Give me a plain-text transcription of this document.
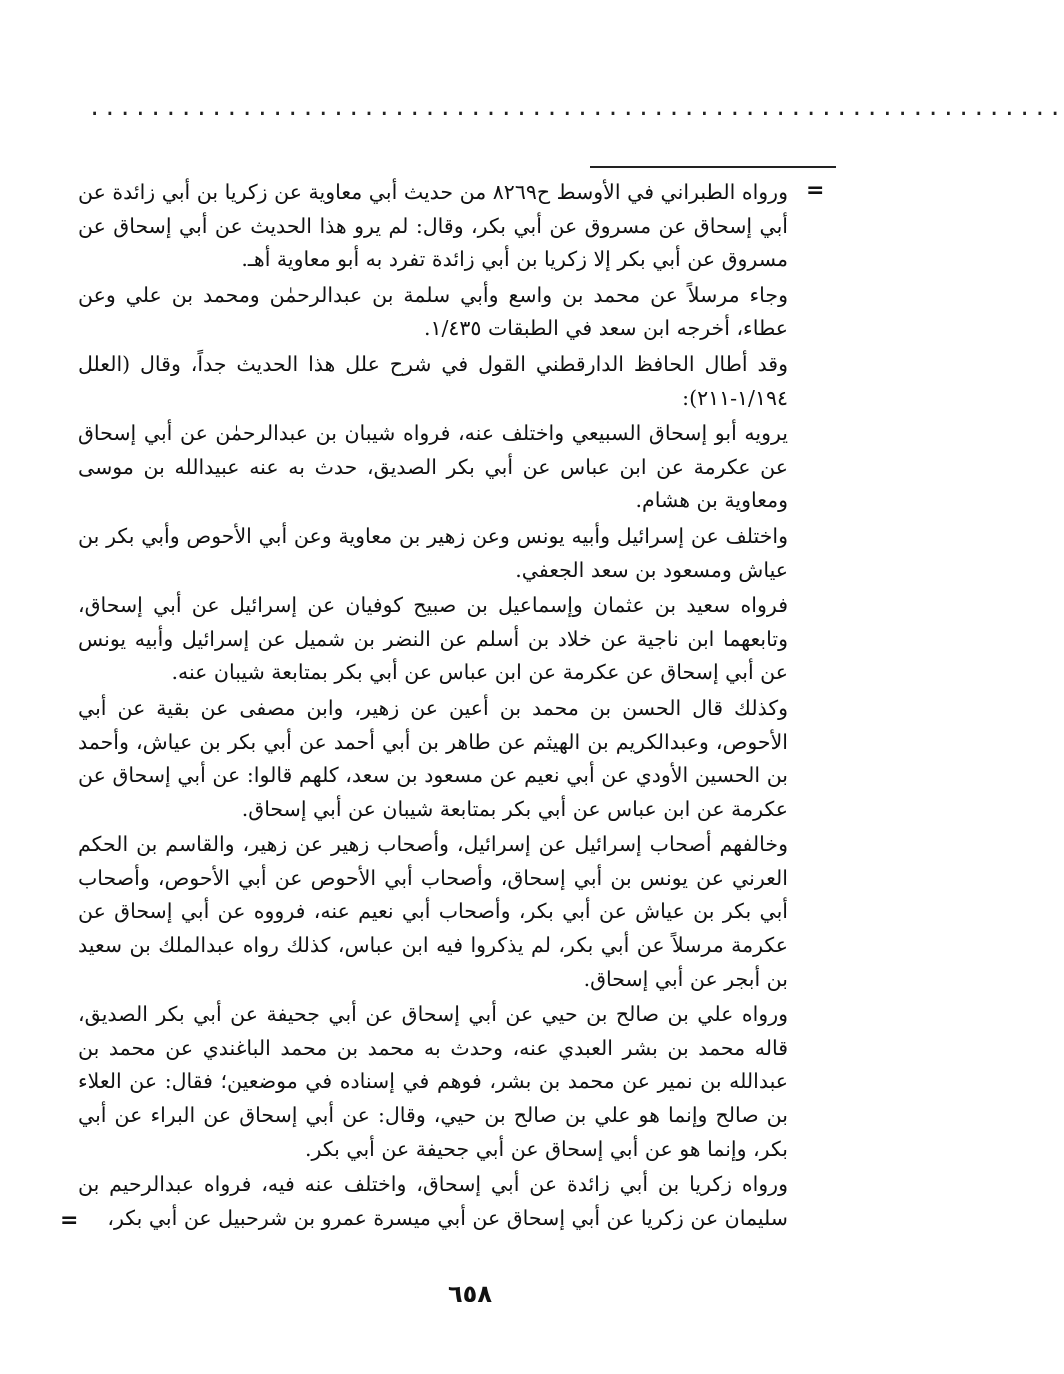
................................................................
=

ورواه الطبراني في الأوسط ح٨٢٦٩ من حديث أبي معاوية عن زكريا بن أبي زائدة عن أبي إسحاق عن مسروق عن أبي بكر، وقال: لم يرو هذا الحديث عن أبي إسحاق عن مسروق عن أبي بكر إلا زكريا بن أبي زائدة تفرد به أبو معاوية أهـ.

وجاء مرسلاً عن محمد بن واسع وأبي سلمة بن عبدالرحمٰن ومحمد بن علي وعن عطاء، أخرجه ابن سعد في الطبقات ١/٤٣٥.

وقد أطال الحافظ الدارقطني القول في شرح علل هذا الحديث جداً، وقال (العلل ١/١٩٤-٢١١):

يرويه أبو إسحاق السبيعي واختلف عنه، فرواه شيبان بن عبدالرحمٰن عن أبي إسحاق عن عكرمة عن ابن عباس عن أبي بكر الصديق، حدث به عنه عبيدالله بن موسى ومعاوية بن هشام.

واختلف عن إسرائيل وأبيه يونس وعن زهير بن معاوية وعن أبي الأحوص وأبي بكر بن عياش ومسعود بن سعد الجعفي.

فرواه سعيد بن عثمان وإسماعيل بن صبيح كوفيان عن إسرائيل عن أبي إسحاق، وتابعهما ابن ناجية عن خلاد بن أسلم عن النضر بن شميل عن إسرائيل وأبيه يونس عن أبي إسحاق عن عكرمة عن ابن عباس عن أبي بكر بمتابعة شيبان عنه.

وكذلك قال الحسن بن محمد بن أعين عن زهير، وابن مصفى عن بقية عن أبي الأحوص، وعبدالكريم بن الهيثم عن طاهر بن أبي أحمد عن أبي بكر بن عياش، وأحمد بن الحسين الأودي عن أبي نعيم عن مسعود بن سعد، كلهم قالوا: عن أبي إسحاق عن عكرمة عن ابن عباس عن أبي بكر بمتابعة شيبان عن أبي إسحاق.

وخالفهم أصحاب إسرائيل عن إسرائيل، وأصحاب زهير عن زهير، والقاسم بن الحكم العرني عن يونس بن أبي إسحاق، وأصحاب أبي الأحوص عن أبي الأحوص، وأصحاب أبي بكر بن عياش عن أبي بكر، وأصحاب أبي نعيم عنه، فرووه عن أبي إسحاق عن عكرمة مرسلاً عن أبي بكر، لم يذكروا فيه ابن عباس، كذلك رواه عبدالملك بن سعيد بن أبجر عن أبي إسحاق.

ورواه علي بن صالح بن حيي عن أبي إسحاق عن أبي جحيفة عن أبي بكر الصديق، قاله محمد بن بشر العبدي عنه، وحدث به محمد بن محمد الباغندي عن محمد بن عبدالله بن نمير عن محمد بن بشر، فوهم في إسناده في موضعين؛ فقال: عن العلاء بن صالح وإنما هو علي بن صالح بن حيي، وقال: عن أبي إسحاق عن البراء عن أبي بكر، وإنما هو عن أبي إسحاق عن أبي جحيفة عن أبي بكر.

ورواه زكريا بن أبي زائدة عن أبي إسحاق، واختلف عنه فيه، فرواه عبدالرحيم بن سليمان عن زكريا عن أبي إسحاق عن أبي ميسرة عمرو بن شرحبيل عن أبي بكر،

=
٦٥٨
